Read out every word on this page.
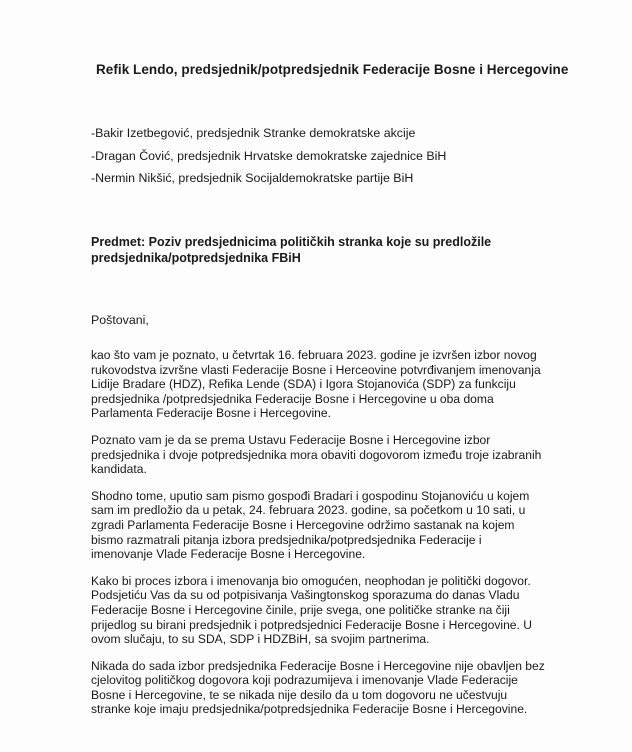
Refik Lendo, predsjednik/potpredsjednik Federacije Bosne i Hercegovine
-Bakir Izetbegović, predsjednik Stranke demokratske akcije
-Dragan Čović, predsjednik Hrvatske demokratske zajednice BiH
-Nermin Nikšić, predsjednik Socijaldemokratske partije BiH
Predmet: Poziv predsjednicima političkih stranka koje su predložile
predsjednika/potpredsjednika FBiH
Poštovani,

kao što vam je poznato, u četvrtak 16. februara 2023. godine je izvršen izbor novog
rukovodstva izvršne vlasti Federacije Bosne i Herceovine potvrđivanjem imenovanja
Lidije Bradare (HDZ), Refika Lende (SDA) i Igora Stojanovića (SDP) za funkciju
predsjednika /potpredsjednika Federacije Bosne i Hercegovine u oba doma
Parlamenta Federacije Bosne i Hercegovine.

Poznato vam je da se prema Ustavu Federacije Bosne i Hercegovine izbor
predsjednika i dvoje potpredsjednika mora obaviti dogovorom između troje izabranih
kandidata.

Shodno tome, uputio sam pismo gospođi Bradari i gospodinu Stojanoviću u kojem
sam im predložio da u petak, 24. februara 2023. godine, sa početkom u 10 sati, u
zgradi Parlamenta Federacije Bosne i Hercegovine održimo sastanak na kojem
bismo razmatrali pitanja izbora predsjednika/potpredsjednika Federacije i
imenovanje Vlade Federacije Bosne i Hercegovine.

Kako bi proces izbora i imenovanja bio omogućen, neophodan je politički dogovor.
Podsjetiću Vas da su od potpisivanja Vašingtonskog sporazuma do danas Vladu
Federacije Bosne i Hercegovine činile, prije svega, one političke stranke na čiji
prijedlog su birani predsjednik i potpredsjednici Federacije Bosne i Hercegovine. U
ovom slučaju, to su SDA, SDP i HDZBiH, sa svojim partnerima.

Nikada do sada izbor predsjednika Federacije Bosne i Hercegovine nije obavljen bez
cjelovitog političkog dogovora koji podrazumijeva i imenovanje Vlade Federacije
Bosne i Hercegovine, te se nikada nije desilo da u tom dogovoru ne učestvuju
stranke koje imaju predsjednika/potpredsjednika Federacije Bosne i Hercegovine.
